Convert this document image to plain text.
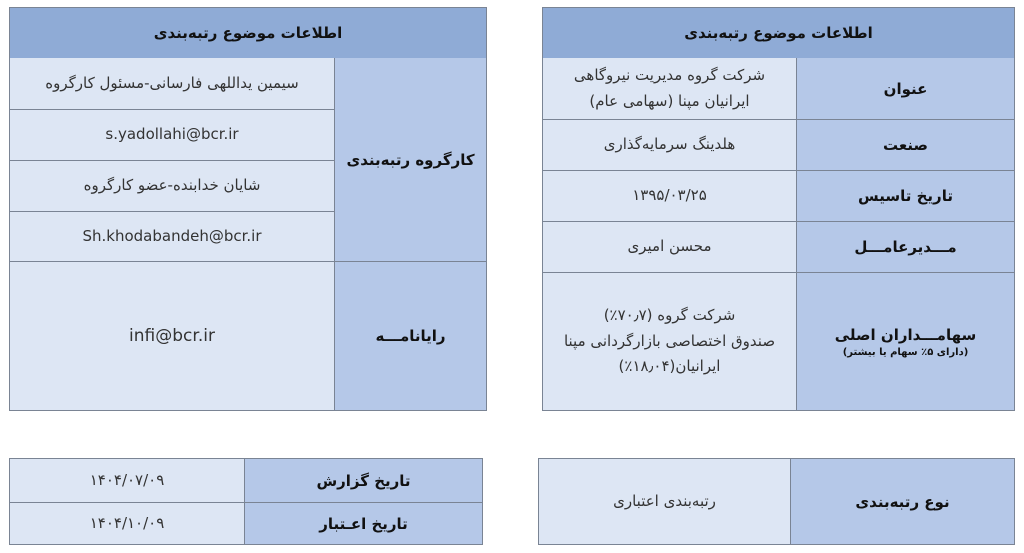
اطلاعات موضوع رتبه‌بندی
عنوان
شرکت گروه مدیریت نیروگاهی ایرانیان مپنا (سهامی عام)
صنعت
هلدینگ سرمایه‌گذاری
تاریخ تاسیس
۱۳۹۵/۰۳/۲۵
مـــدیرعامـــل
محسن امیری
سهامـــداران اصلی
(دارای ۵٪ سهام یا بیشتر)
شرکت گروه (۷۰٫۷٪)
صندوق اختصاصی بازارگردانی مپنا
ایرانیان(۱۸٫۰۴٪)
اطلاعات موضوع رتبه‌بندی
کارگروه رتبه‌بندی
سیمین یداللهی فارسانی-مسئول کارگروه
s.yadollahi@bcr.ir
شایان خدابنده-عضو کارگروه
Sh.khodabandeh@bcr.ir
رایانامـــه
infi@bcr.ir
نوع رتبه‌بندی
رتبه‌بندی اعتباری
تاریخ گزارش
۱۴۰۴/۰۷/۰۹
تاریخ اعـتبار
۱۴۰۴/۱۰/۰۹
